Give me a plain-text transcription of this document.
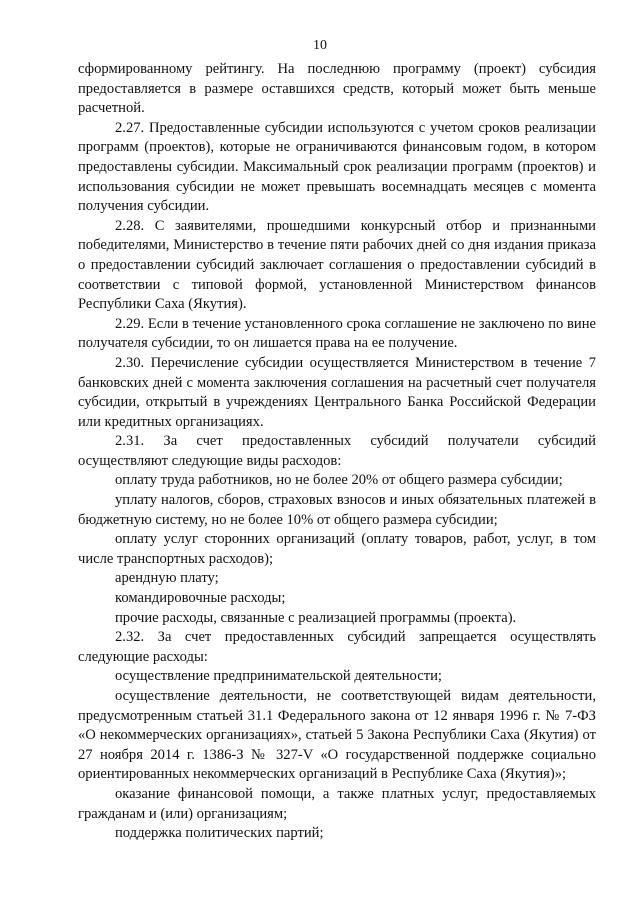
10

сформированному рейтингу. На последнюю программу (проект) субсидия предоставляется в размере оставшихся средств, который может быть меньше расчетной.

2.27. Предоставленные субсидии используются с учетом сроков реализации программ (проектов), которые не ограничиваются финансовым годом, в котором предоставлены субсидии. Максимальный срок реализации программ (проектов) и использования субсидии не может превышать восемнадцать месяцев с момента получения субсидии.

2.28. С заявителями, прошедшими конкурсный отбор и признанными победителями, Министерство в течение пяти рабочих дней со дня издания приказа о предоставлении субсидий заключает соглашения о предоставлении субсидий в соответствии с типовой формой, установленной Министерством финансов Республики Саха (Якутия).

2.29. Если в течение установленного срока соглашение не заключено по вине получателя субсидии, то он лишается права на ее получение.

2.30. Перечисление субсидии осуществляется Министерством в течение 7 банковских дней с момента заключения соглашения на расчетный счет получателя субсидии, открытый в учреждениях Центрального Банка Российской Федерации или кредитных организациях.

2.31. За счет предоставленных субсидий получатели субсидий осуществляют следующие виды расходов:

оплату труда работников, но не более 20% от общего размера субсидии;

уплату налогов, сборов, страховых взносов и иных обязательных платежей в бюджетную систему, но не более 10% от общего размера субсидии;

оплату услуг сторонних организаций (оплату товаров, работ, услуг, в том числе транспортных расходов);

арендную плату;

командировочные расходы;

прочие расходы, связанные с реализацией программы (проекта).

2.32. За счет предоставленных субсидий запрещается осуществлять следующие расходы:

осуществление предпринимательской деятельности;

осуществление деятельности, не соответствующей видам деятельности, предусмотренным статьей 31.1 Федерального закона от 12 января 1996 г. № 7-ФЗ «О некоммерческих организациях», статьей 5 Закона Республики Саха (Якутия) от 27 ноября 2014 г. 1386-З № 327-V «О государственной поддержке социально ориентированных некоммерческих организаций в Республике Саха (Якутия)»;

оказание финансовой помощи, а также платных услуг, предоставляемых гражданам и (или) организациям;

поддержка политических партий;
